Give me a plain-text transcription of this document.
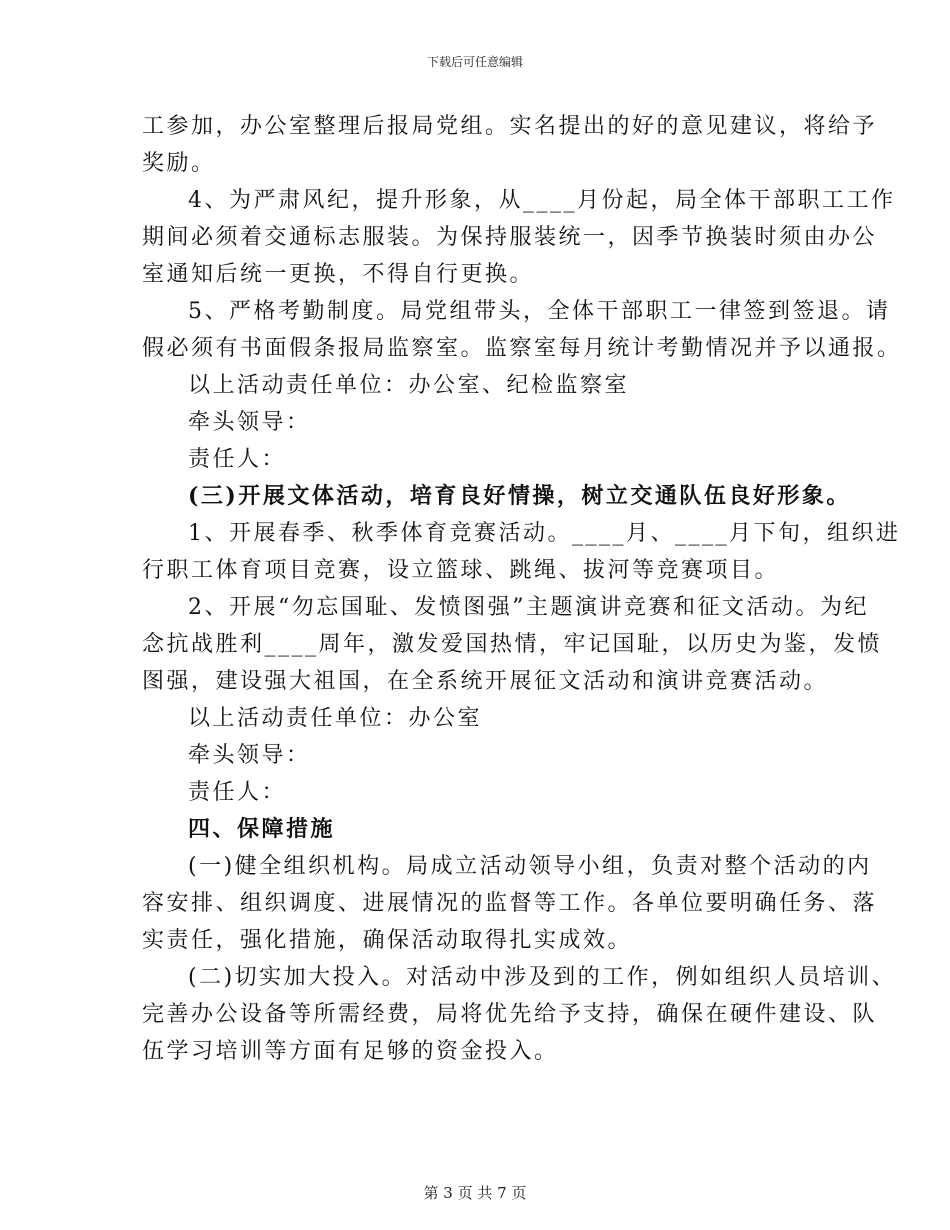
下载后可任意编辑
工参加，办公室整理后报局党组。实名提出的好的意见建议，将给予
奖励。
4、为严肃风纪，提升形象，从____月份起，局全体干部职工工作
期间必须着交通标志服装。为保持服装统一，因季节换装时须由办公
室通知后统一更换，不得自行更换。
5、严格考勤制度。局党组带头，全体干部职工一律签到签退。请
假必须有书面假条报局监察室。监察室每月统计考勤情况并予以通报。
以上活动责任单位：办公室、纪检监察室
牵头领导：
责任人：
(三)开展文体活动，培育良好情操，树立交通队伍良好形象。
1、开展春季、秋季体育竞赛活动。____月、____月下旬，组织进
行职工体育项目竞赛，设立篮球、跳绳、拔河等竞赛项目。
2、开展“勿忘国耻、发愤图强”主题演讲竞赛和征文活动。为纪
念抗战胜利____周年，激发爱国热情，牢记国耻，以历史为鉴，发愤
图强，建设强大祖国，在全系统开展征文活动和演讲竞赛活动。
以上活动责任单位：办公室
牵头领导：
责任人：
四、保障措施
(一)健全组织机构。局成立活动领导小组，负责对整个活动的内
容安排、组织调度、进展情况的监督等工作。各单位要明确任务、落
实责任，强化措施，确保活动取得扎实成效。
(二)切实加大投入。对活动中涉及到的工作，例如组织人员培训、
完善办公设备等所需经费，局将优先给予支持，确保在硬件建设、队
伍学习培训等方面有足够的资金投入。
第 3 页 共 7 页
